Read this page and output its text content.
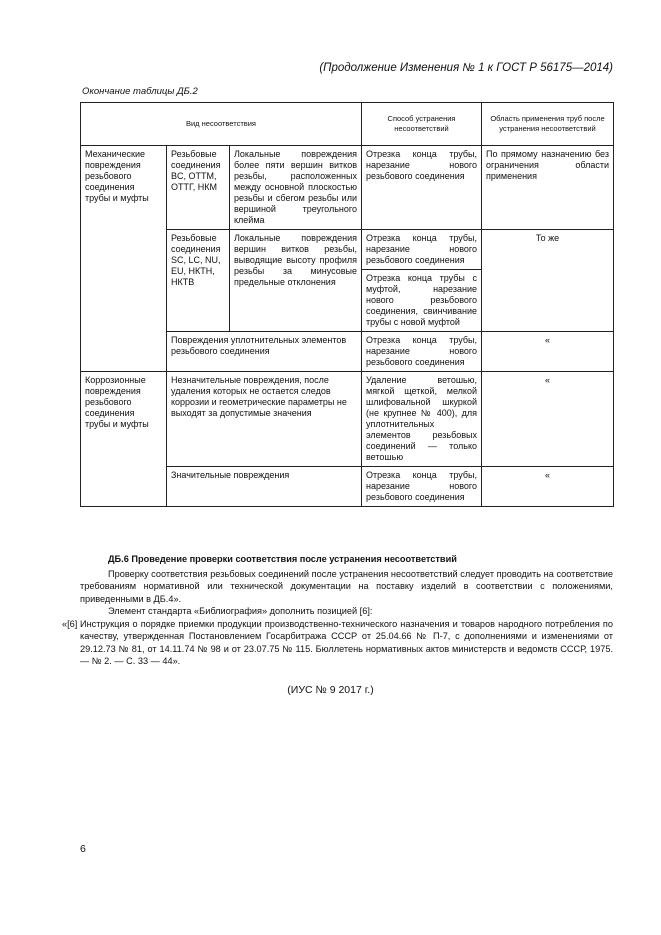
(Продолжение Изменения № 1 к ГОСТ Р 56175—2014)
Окончание таблицы ДБ.2
Вид несоответствия			Способ устранения несоответствий	Область применения труб после устранения несоответствий
Механические повреждения резьбового соединения трубы и муфты	Резьбовые соединения BC, ОТТМ, ОТТГ, НКМ	Локальные повреждения более пяти вершин витков резьбы, расположенных между основной плоскостью резьбы и сбегом резьбы или вершиной треугольного клейма	Отрезка конца трубы, нарезание нового резьбового соединения	По прямому назначению без ограничения области применения
	Резьбовые соединения SC, LC, NU, EU, НКТН, НКТВ	Локальные повреждения вершин витков резьбы, выводящие высоту профиля резьбы за минусовые предельные отклонения	Отрезка конца трубы, нарезание нового резьбового соединения	То же
			Отрезка конца трубы с муфтой, нарезание нового резьбового соединения, свинчивание трубы с новой муфтой	
	Повреждения уплотнительных элементов резьбового соединения		Отрезка конца трубы, нарезание нового резьбового соединения	«
Коррозионные повреждения резьбового соединения трубы и муфты	Незначительные повреждения, после удаления которых не остается следов коррозии и геометрические параметры не выходят за допустимые значения		Удаление ветошью, мягкой щеткой, мелкой шлифовальной шкуркой (не крупнее № 400), для уплотнительных элементов резьбовых соединений — только ветошью	«
	Значительные повреждения		Отрезка конца трубы, нарезание нового резьбового соединения	«
ДБ.6 Проведение проверки соответствия после устранения несоответствий
Проверку соответствия резьбовых соединений после устранения несоответствий следует проводить на соответствие требованиям нормативной или технической документации на поставку изделий в соответствии с положениями, приведенными в ДБ.4».
Элемент стандарта «Библиография» дополнить позицией [6]:
«[6] Инструкция о порядке приемки продукции производственно-технического назначения и товаров народного потребления по качеству, утвержденная Постановлением Госарбитража СССР от 25.04.66 № П-7, с дополнениями и изменениями от 29.12.73 № 81, от 14.11.74 № 98 и от 23.07.75 № 115. Бюллетень нормативных актов министерств и ведомств СССР, 1975. — № 2. — С. 33 — 44».
(ИУС № 9 2017 г.)
6
